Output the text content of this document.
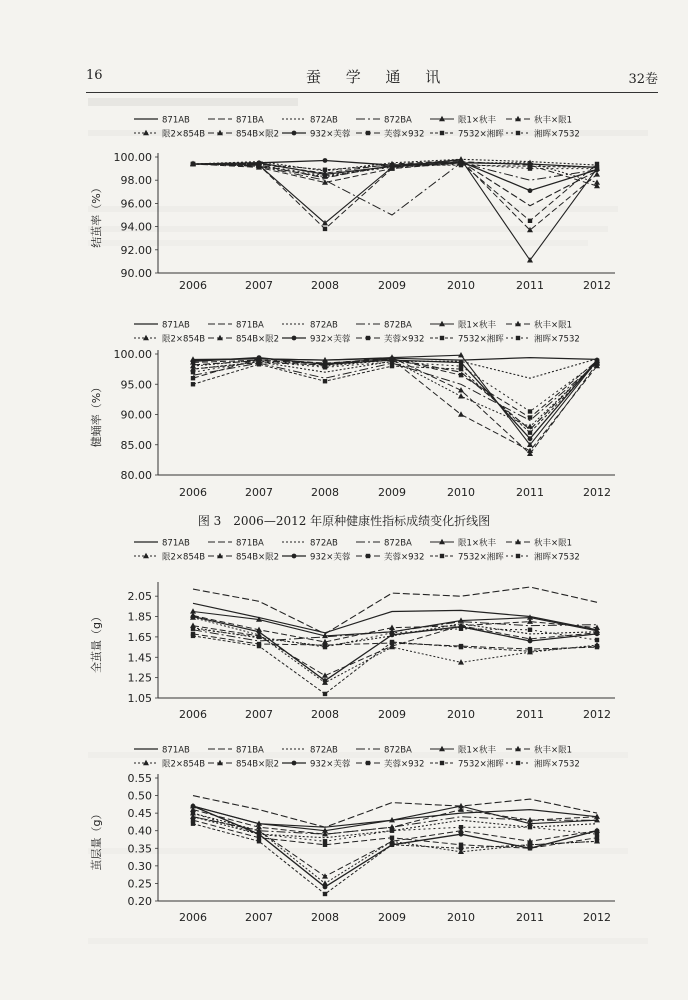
16	蚕 学 通 讯	32卷
871AB	871BA	872AB	872BA	限1×秋丰	秋丰×限1
限2×854B	854B×限2	932×芙蓉	芙蓉×932	7532×湘晖	湘晖×7532
90.00
92.00
94.00
96.00
98.00
100.00
2006	2007	2008	2009	2010	2011	2012
结茧率（%）
871AB	871BA	872AB	872BA	限1×秋丰	秋丰×限1
限2×854B	854B×限2	932×芙蓉	芙蓉×932	7532×湘晖	湘晖×7532
80.00
85.00
90.00
95.00
100.00
2006	2007	2008	2009	2010	2011	2012
健蛹率（%）
图 3　2006—2012 年原种健康性指标成绩变化折线图
871AB	871BA	872AB	872BA	限1×秋丰	秋丰×限1
限2×854B	854B×限2	932×芙蓉	芙蓉×932	7532×湘晖	湘晖×7532
1.05
1.25
1.45
1.65
1.85
2.05
2006	2007	2008	2009	2010	2011	2012
全茧量（g）
871AB	871BA	872AB	872BA	限1×秋丰	秋丰×限1
限2×854B	854B×限2	932×芙蓉	芙蓉×932	7532×湘晖	湘晖×7532
0.20
0.25
0.30
0.35
0.40
0.45
0.50
0.55
2006	2007	2008	2009	2010	2011	2012
茧层量（g）
